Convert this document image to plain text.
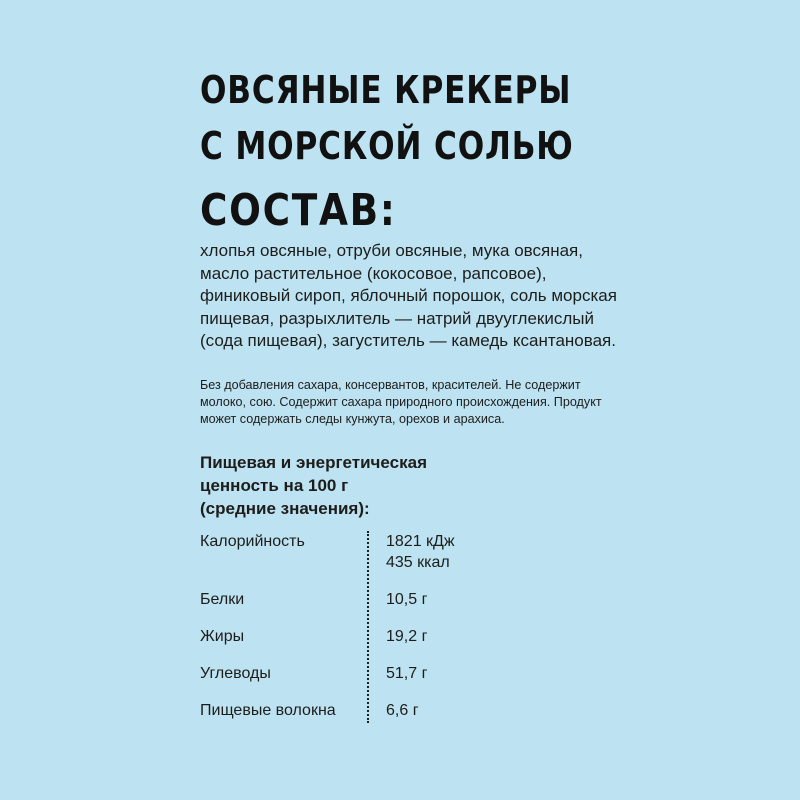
ОВСЯНЫЕ КРЕКЕРЫ
С МОРСКОЙ СОЛЬЮ
СОСТАВ:

хлопья овсяные, отруби овсяные, мука овсяная, масло растительное (кокосовое, рапсовое), финиковый сироп, яблочный порошок, соль морская пищевая, разрыхлитель — натрий двууглекислый (сода пищевая), загуститель — камедь ксантановая.

Без добавления сахара, консервантов, красителей. Не содержит молоко, сою. Содержит сахара природного происхождения. Продукт может содержать следы кунжута, орехов и арахиса.

Пищевая и энергетическая
ценность на 100 г
(средние значения):
Калорийность	1821 кДж
435 ккал
Белки	10,5 г
Жиры	19,2 г
Углеводы	51,7 г
Пищевые волокна	6,6 г
